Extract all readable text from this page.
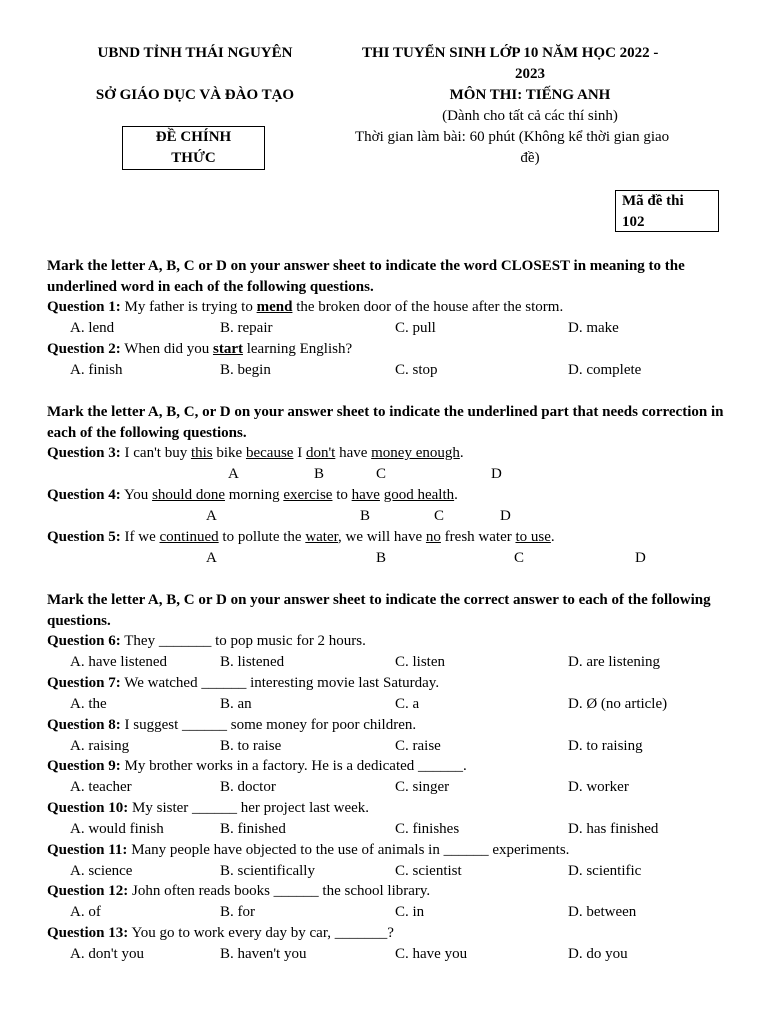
UBND TỈNH THÁI NGUYÊN
SỞ GIÁO DỤC VÀ ĐÀO TẠO
ĐỀ CHÍNH
THỨC
THI TUYỂN SINH LỚP 10 NĂM HỌC 2022 -
2023
MÔN THI: TIẾNG ANH
(Dành cho tất cả các thí sinh)
Thời gian làm bài: 60 phút (Không kể thời gian giao
đề)
Mã đề thi
102
Mark the letter A, B, C or D on your answer sheet to indicate the word CLOSEST in meaning to the underlined word in each of the following questions.
Question 1: My father is trying to mend the broken door of the house after the storm.
A. lend	B. repair	C. pull	D. make
Question 2: When did you start learning English?
A. finish	B. begin	C. stop	D. complete
Mark the letter A, B, C, or D on your answer sheet to indicate the underlined part that needs correction in each of the following questions.
Question 3: I can't buy this bike because I don't have money enough.
A	B	C	D
Question 4: You should done morning exercise to have good health.
A	B	C	D
Question 5: If we continued to pollute the water, we will have no fresh water to use.
A	B	C	D
Mark the letter A, B, C or D on your answer sheet to indicate the correct answer to each of the following questions.
Question 6: They _______ to pop music for 2 hours.
A. have listened	B. listened	C. listen	D. are listening
Question 7: We watched ______ interesting movie last Saturday.
A. the	B. an	C. a	D. Ø (no article)
Question 8: I suggest ______ some money for poor children.
A. raising	B. to raise	C. raise	D. to raising
Question 9: My brother works in a factory. He is a dedicated ______.
A. teacher	B. doctor	C. singer	D. worker
Question 10: My sister ______ her project last week.
A. would finish	B. finished	C. finishes	D. has finished
Question 11: Many people have objected to the use of animals in ______ experiments.
A. science	B. scientifically	C. scientist	D. scientific
Question 12: John often reads books ______ the school library.
A. of	B. for	C. in	D. between
Question 13: You go to work every day by car, _______?
A. don't you	B. haven't you	C. have you	D. do you
